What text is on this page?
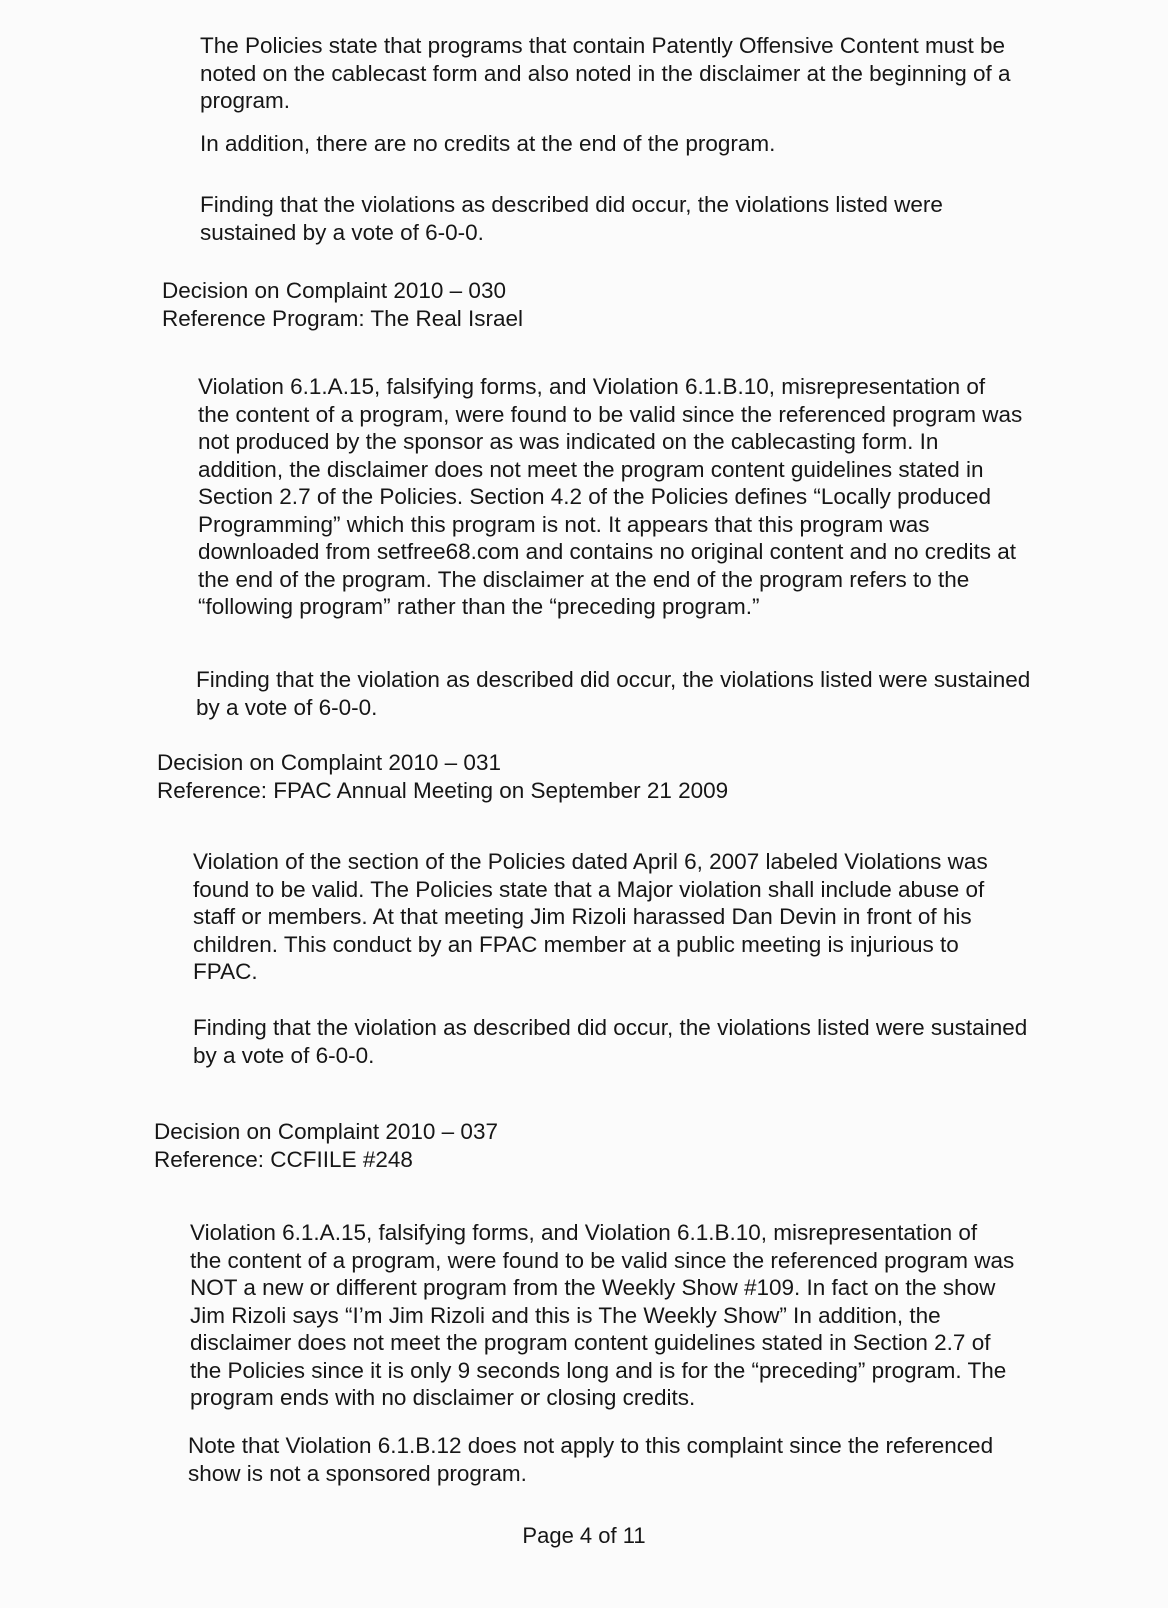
The Policies state that programs that contain Patently Offensive Content must be
noted on the cablecast form and also noted in the disclaimer at the beginning of a
program.
In addition, there are no credits at the end of the program.
Finding that the violations as described did occur, the violations listed were
sustained by a vote of 6-0-0.
Decision on Complaint 2010 – 030
Reference Program: The Real Israel
Violation 6.1.A.15, falsifying forms, and Violation 6.1.B.10, misrepresentation of
the content of a program, were found to be valid since the referenced program was
not produced by the sponsor as was indicated on the cablecasting form. In
addition, the disclaimer does not meet the program content guidelines stated in
Section 2.7 of the Policies. Section 4.2 of the Policies defines “Locally produced
Programming” which this program is not. It appears that this program was
downloaded from setfree68.com and contains no original content and no credits at
the end of the program. The disclaimer at the end of the program refers to the
“following program” rather than the “preceding program.”
Finding that the violation as described did occur, the violations listed were sustained
by a vote of 6-0-0.
Decision on Complaint 2010 – 031
Reference: FPAC Annual Meeting on September 21 2009
Violation of the section of the Policies dated April 6, 2007 labeled Violations was
found to be valid. The Policies state that a Major violation shall include abuse of
staff or members. At that meeting Jim Rizoli harassed Dan Devin in front of his
children. This conduct by an FPAC member at a public meeting is injurious to
FPAC.
Finding that the violation as described did occur, the violations listed were sustained
by a vote of 6-0-0.
Decision on Complaint 2010 – 037
Reference: CCFIILE #248
Violation 6.1.A.15, falsifying forms, and Violation 6.1.B.10, misrepresentation of
the content of a program, were found to be valid since the referenced program was
NOT a new or different program from the Weekly Show #109. In fact on the show
Jim Rizoli says “I’m Jim Rizoli and this is The Weekly Show” In addition, the
disclaimer does not meet the program content guidelines stated in Section 2.7 of
the Policies since it is only 9 seconds long and is for the “preceding” program. The
program ends with no disclaimer or closing credits.
Note that Violation 6.1.B.12 does not apply to this complaint since the referenced
show is not a sponsored program.
Page 4 of 11
